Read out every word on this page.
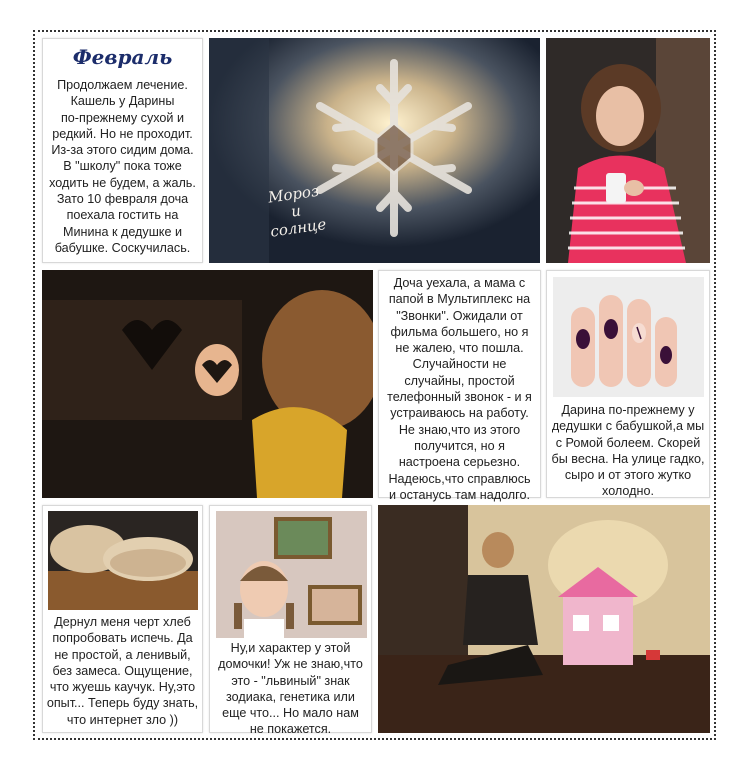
Февраль
Продолжаем лечение.
Кашель у Дарины
по-прежнему сухой и
редкий. Но не проходит.
Из-за этого сидим дома.
В "школу" пока тоже
ходить не будем, а жаль.
Зато 10 февраля доча
поехала гостить на
Минина к дедушке и
бабушке. Соскучилась.
Мороз
и
солнце
Доча уехала, а мама с
папой в Мультиплекс на
"Звонки". Ожидали от
фильма большего, но я
не жалею, что пошла.
Случайности не
случайны, простой
телефонный звонок - и я
устраиваюсь на работу.
Не знаю,что из этого
получится, но я
настроена серьезно.
Надеюсь,что справлюсь
и останусь там надолго.
Дарина по-прежнему у
дедушки с бабушкой,а мы
с Ромой болеем. Скорей
бы весна. На улице гадко,
сыро и от этого жутко
холодно.
Дернул меня черт хлеб
попробовать испечь. Да
не простой, а ленивый,
без замеса. Ощущение,
что жуешь каучук. Ну,это
опыт... Теперь буду знать,
что интернет зло ))
Ну,и характер у этой
домочки! Уж не знаю,что
это - "львиный" знак
зодиака, генетика или
еще что... Но мало нам
не покажется.
